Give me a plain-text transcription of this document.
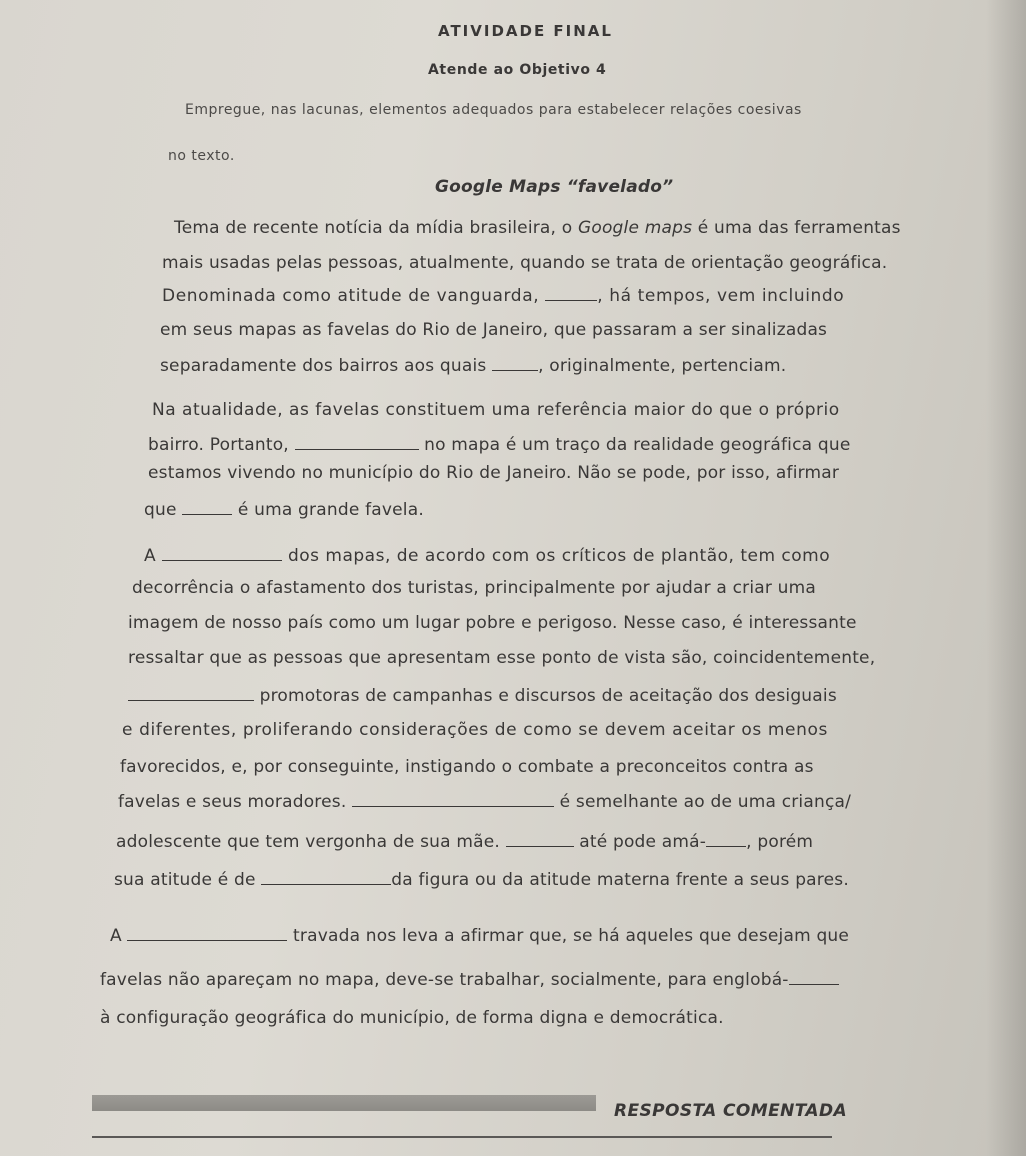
ATIVIDADE FINAL
Atende ao Objetivo 4
Empregue, nas lacunas, elementos adequados para estabelecer relações coesivas
no texto.
Google Maps “favelado”
Tema de recente notícia da mídia brasileira, o Google maps é uma das ferramentas
mais usadas pelas pessoas, atualmente, quando se trata de orientação geográfica.
Denominada como atitude de vanguarda,	, há tempos, vem incluindo
em seus mapas as favelas do Rio de Janeiro, que passaram a ser sinalizadas
separadamente dos bairros aos quais	, originalmente, pertenciam.
Na atualidade, as favelas constituem uma referência maior do que o próprio
bairro. Portanto,	no mapa é um traço da realidade geográfica que
estamos vivendo no município do Rio de Janeiro. Não se pode, por isso, afirmar
que	é uma grande favela.
A	dos mapas, de acordo com os críticos de plantão, tem como
decorrência o afastamento dos turistas, principalmente por ajudar a criar uma
imagem de nosso país como um lugar pobre e perigoso. Nesse caso, é interessante
ressaltar que as pessoas que apresentam esse ponto de vista são, coincidentemente,
promotoras de campanhas e discursos de aceitação dos desiguais
e diferentes, proliferando considerações de como se devem aceitar os menos
favorecidos, e, por conseguinte, instigando o combate a preconceitos contra as
favelas e seus moradores.	é semelhante ao de uma criança/
adolescente que tem vergonha de sua mãe.	até pode amá- , porém
sua atitude é de	da figura ou da atitude materna frente a seus pares.
A	travada nos leva a afirmar que, se há aqueles que desejam que
favelas não apareçam no mapa, deve-se trabalhar, socialmente, para englobá-
à configuração geográfica do município, de forma digna e democrática.
RESPOSTA COMENTADA
